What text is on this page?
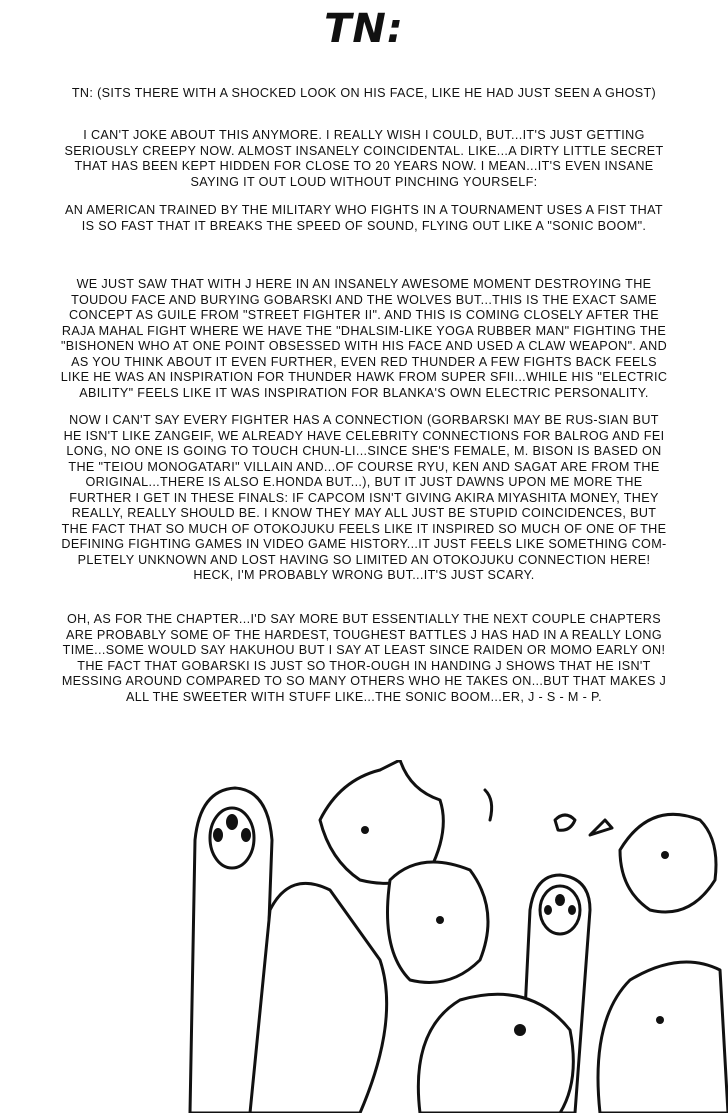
TN:

TN: (SITS THERE WITH A SHOCKED LOOK ON HIS FACE, LIKE HE HAD JUST SEEN A GHOST)

I CAN'T JOKE ABOUT THIS ANYMORE. I REALLY WISH I COULD, BUT...IT'S JUST GETTING SERIOUSLY CREEPY NOW. ALMOST INSANELY COINCIDENTAL. LIKE...A DIRTY LITTLE SECRET THAT HAS BEEN KEPT HIDDEN FOR CLOSE TO 20 YEARS NOW. I MEAN...IT'S EVEN INSANE SAYING IT OUT LOUD WITHOUT PINCHING YOURSELF:

AN AMERICAN TRAINED BY THE MILITARY WHO FIGHTS IN A TOURNAMENT USES A FIST THAT IS SO FAST THAT IT BREAKS THE SPEED OF SOUND, FLYING OUT LIKE A "SONIC BOOM".

WE JUST SAW THAT WITH J HERE IN AN INSANELY AWESOME MOMENT DESTROYING THE TOUDOU FACE AND BURYING GOBARSKI AND THE WOLVES BUT...THIS IS THE EXACT SAME CONCEPT AS GUILE FROM "STREET FIGHTER II". AND THIS IS COMING CLOSELY AFTER THE RAJA MAHAL FIGHT WHERE WE HAVE THE "DHALSIM-LIKE YOGA RUBBER MAN" FIGHTING THE "BISHONEN WHO AT ONE POINT OBSESSED WITH HIS FACE AND USED A CLAW WEAPON". AND AS YOU THINK ABOUT IT EVEN FURTHER, EVEN RED THUNDER A FEW FIGHTS BACK FEELS LIKE HE WAS AN INSPIRATION FOR THUNDER HAWK FROM SUPER SFII...WHILE HIS "ELECTRIC ABILITY" FEELS LIKE IT WAS INSPIRATION FOR BLANKA'S OWN ELECTRIC PERSONALITY.

NOW I CAN'T SAY EVERY FIGHTER HAS A CONNECTION (GORBARSKI MAY BE RUS-SIAN BUT HE ISN'T LIKE ZANGEIF, WE ALREADY HAVE CELEBRITY CONNECTIONS FOR BALROG AND FEI LONG, NO ONE IS GOING TO TOUCH CHUN-LI...SINCE SHE'S FEMALE, M. BISON IS BASED ON THE "TEIOU MONOGATARI" VILLAIN AND...OF COURSE RYU, KEN AND SAGAT ARE FROM THE ORIGINAL...THERE IS ALSO E.HONDA BUT...), BUT IT JUST DAWNS UPON ME MORE THE FURTHER I GET IN THESE FINALS: IF CAPCOM ISN'T GIVING AKIRA MIYASHITA MONEY, THEY REALLY, REALLY SHOULD BE. I KNOW THEY MAY ALL JUST BE STUPID COINCIDENCES, BUT THE FACT THAT SO MUCH OF OTOKOJUKU FEELS LIKE IT INSPIRED SO MUCH OF ONE OF THE DEFINING FIGHTING GAMES IN VIDEO GAME HISTORY...IT JUST FEELS LIKE SOMETHING COM-PLETELY UNKNOWN AND LOST HAVING SO LIMITED AN OTOKOJUKU CONNECTION HERE! HECK, I'M PROBABLY WRONG BUT...IT'S JUST SCARY.

OH, AS FOR THE CHAPTER...I'D SAY MORE BUT ESSENTIALLY THE NEXT COUPLE CHAPTERS ARE PROBABLY SOME OF THE HARDEST, TOUGHEST BATTLES J HAS HAD IN A REALLY LONG TIME...SOME WOULD SAY HAKUHOU BUT I SAY AT LEAST SINCE RAIDEN OR MOMO EARLY ON! THE FACT THAT GOBARSKI IS JUST SO THOR-OUGH IN HANDING J SHOWS THAT HE ISN'T MESSING AROUND COMPARED TO SO MANY OTHERS WHO HE TAKES ON...BUT THAT MAKES J ALL THE SWEETER WITH STUFF LIKE...THE SONIC BOOM...ER, J - S - M - P.
